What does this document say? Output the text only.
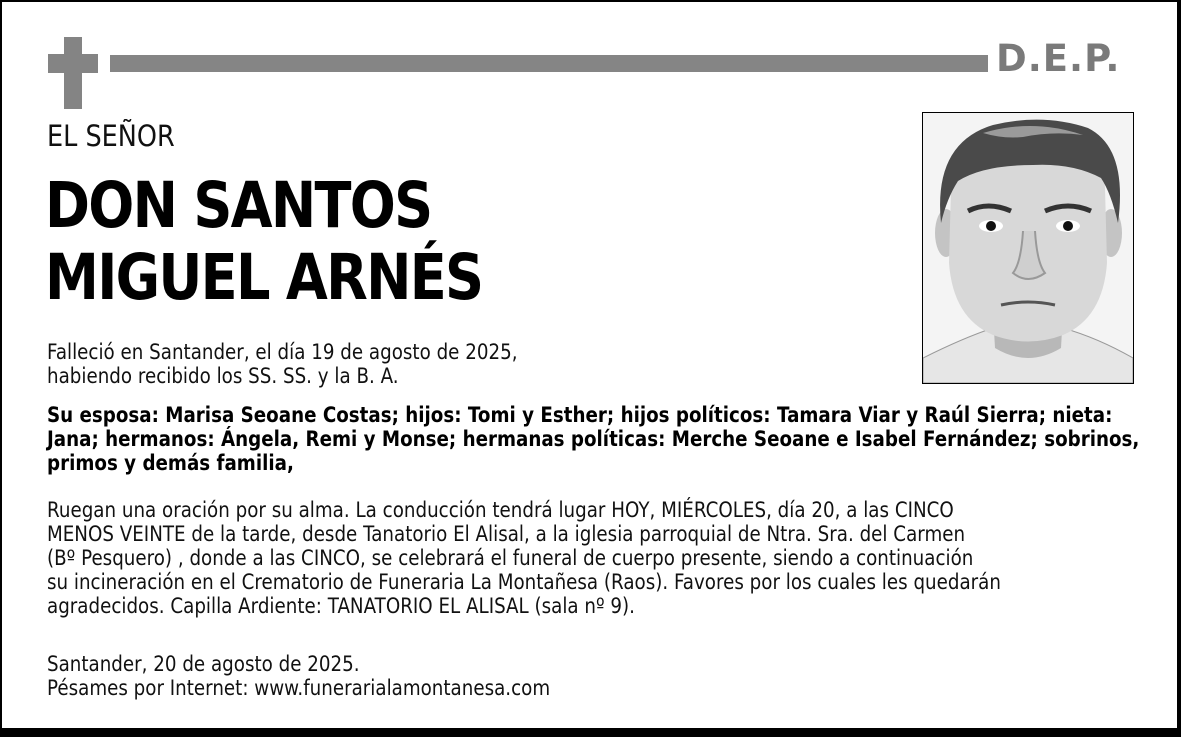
D.E.P.
EL SEÑOR
DON SANTOS
MIGUEL ARNÉS
Falleció en Santander, el día 19 de agosto de 2025,
habiendo recibido los SS. SS. y la B. A.
Su esposa: Marisa Seoane Costas; hijos: Tomi y Esther; hijos políticos: Tamara Viar y Raúl Sierra; nieta:
Jana; hermanos: Ángela, Remi y Monse; hermanas políticas: Merche Seoane e Isabel Fernández; sobrinos,
primos y demás familia,
Ruegan una oración por su alma. La conducción tendrá lugar HOY, MIÉRCOLES, día 20, a las CINCO
MENOS VEINTE de la tarde, desde Tanatorio El Alisal, a la iglesia parroquial de Ntra. Sra. del Carmen
(Bº Pesquero) , donde a las CINCO, se celebrará el funeral de cuerpo presente, siendo a continuación
su incineración en el Crematorio de Funeraria La Montañesa (Raos). Favores por los cuales les quedarán
agradecidos. Capilla Ardiente: TANATORIO EL ALISAL (sala nº 9).
Santander, 20 de agosto de 2025.
Pésames por Internet: www.funerarialamontanesa.com
